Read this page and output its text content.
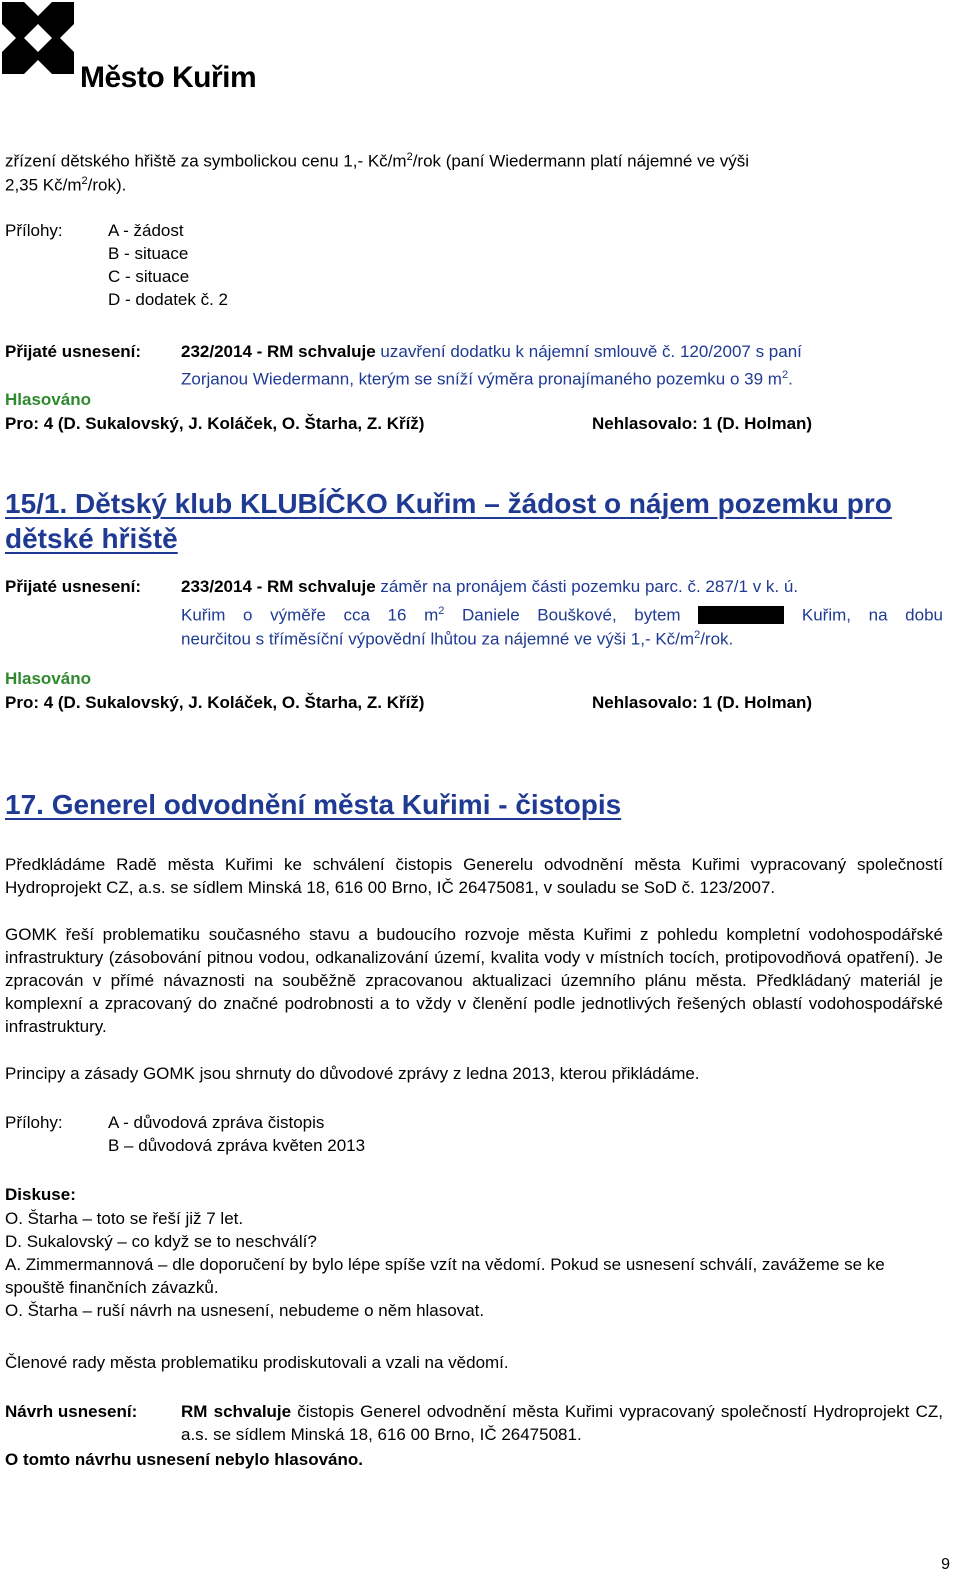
Město Kuřim
zřízení dětského hřiště za symbolickou cenu 1,- $Kč/m^2$/rok (paní Wiedermann platí nájemné ve výši
2,35 $Kč/m^2/rok$).
Přílohy:	A - žádost
B - situace
C - situace
D - dodatek č. 2
Přijaté usnesení: 232/2014 - RM schvaluje uzavření dodatku k nájemní smlouvě č. 120/2007 s paní
Zorjanou Wiedermann, kterým se sníží výměra pronajímaného pozemku o 39 $m^2$.
Hlasováno
Pro: 4 (D. Sukalovský, J. Koláček, O. Štarha, Z. Kříž)	Nehlasovalo: 1 (D. Holman)
15/1. Dětský klub KLUBÍČKO Kuřim – žádost o nájem pozemku pro
dětské hřiště
Přijaté usnesení: 233/2014 - RM schvaluje záměr na pronájem části pozemku parc. č. 287/1 v k. ú.
Kuřim o výměře cca 16 $m^2$ Daniele Bouškové, bytem	Kuřim, na dobu
neurčitou s tříměsíční výpovědní lhůtou za nájemné ve výši 1,- $Kč/m^2$/rok.
Hlasováno
Pro: 4 (D. Sukalovský, J. Koláček, O. Štarha, Z. Kříž)	Nehlasovalo: 1 (D. Holman)
17. Generel odvodnění města Kuřimi - čistopis
Předkládáme Radě města Kuřimi ke schválení čistopis Generelu odvodnění města Kuřimi vypracovaný společností Hydroprojekt CZ, a.s. se sídlem Minská 18, 616 00 Brno, IČ 26475081, v souladu se SoD č. 123/2007.
GOMK řeší problematiku současného stavu a budoucího rozvoje města Kuřimi z pohledu kompletní vodohospodářské infrastruktury (zásobování pitnou vodou, odkanalizování území, kvalita vody v místních tocích, protipovodňová opatření). Je zpracován v přímé návaznosti na souběžně zpracovanou aktualizaci územního plánu města. Předkládaný materiál je komplexní a zpracovaný do značné podrobnosti a to vždy v členění podle jednotlivých řešených oblastí vodohospodářské infrastruktury.
Principy a zásady GOMK jsou shrnuty do důvodové zprávy z ledna 2013, kterou přikládáme.
Přílohy:	A - důvodová zpráva čistopis
B – důvodová zpráva květen 2013
Diskuse:
O. Štarha – toto se řeší již 7 let.
D. Sukalovský – co když se to neschválí?
A. Zimmermannová – dle doporučení by bylo lépe spíše vzít na vědomí. Pokud se usnesení schválí, zavážeme se ke spouště finančních závazků.
O. Štarha – ruší návrh na usnesení, nebudeme o něm hlasovat.
Členové rady města problematiku prodiskutovali a vzali na vědomí.
Návrh usnesení:	RM schvaluje čistopis Generel odvodnění města Kuřimi vypracovaný společností Hydroprojekt CZ, a.s. se sídlem Minská 18, 616 00 Brno, IČ 26475081.
O tomto návrhu usnesení nebylo hlasováno.
9
